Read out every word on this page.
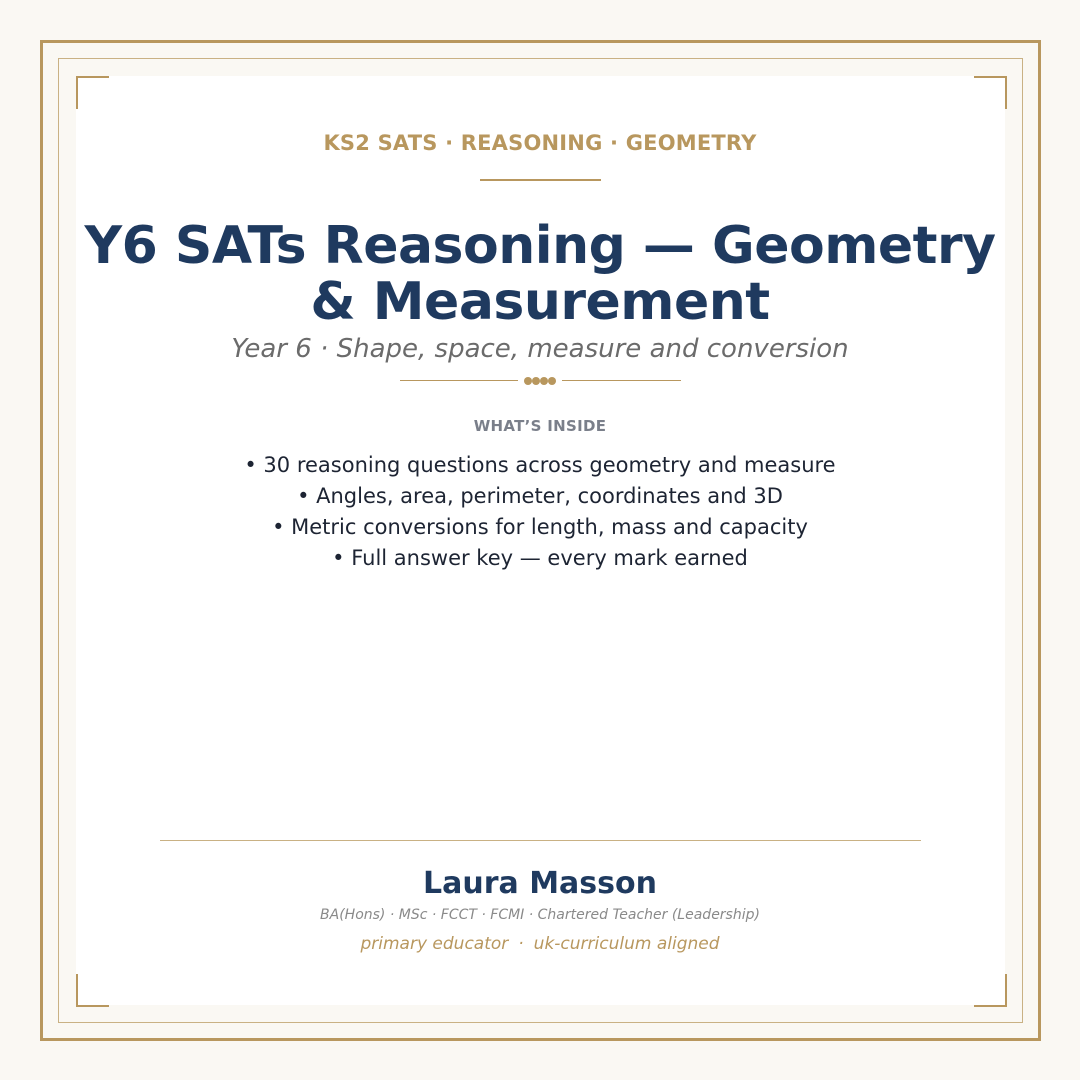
KS2 SATS · REASONING · GEOMETRY
Y6 SATs Reasoning — Geometry
& Measurement
Year 6 · Shape, space, measure and conversion
WHAT’S INSIDE

• 30 reasoning questions across geometry and measure

• Angles, area, perimeter, coordinates and 3D

• Metric conversions for length, mass and capacity

• Full answer key — every mark earned

Laura Masson
BA(Hons) · MSc · FCCT · FCMI · Chartered Teacher (Leadership)
primary educator · uk-curriculum aligned
